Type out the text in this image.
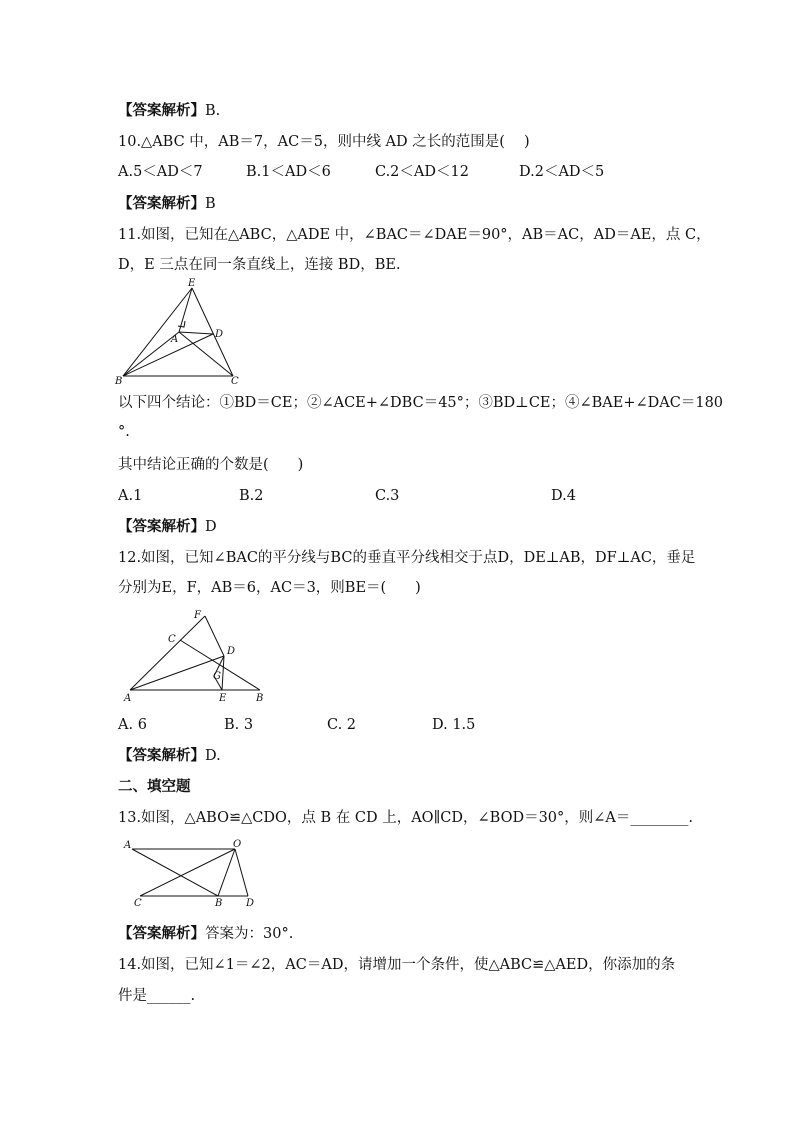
【答案解析】B.
10.△ABC 中，AB＝7，AC＝5，则中线 AD 之长的范围是(　 )
A.5＜AD＜7	B.1＜AD＜6	C.2＜AD＜12	D.2＜AD＜5
【答案解析】B
11.如图，已知在△ABC，△ADE 中，∠BAC＝∠DAE＝90°，AB＝AC，AD＝AE，点 C，
D，E 三点在同一条直线上，连接 BD，BE.
E
A	D
B	C
以下四个结论：①BD＝CE；②∠ACE+∠DBC＝45°；③BD⊥CE；④∠BAE+∠DAC＝180
°.
其中结论正确的个数是(　　)
A.1	B.2	C.3	D.4
【答案解析】D
12.如图，已知∠BAC的平分线与BC的垂直平分线相交于点D，DE⊥AB，DF⊥AC，垂足
分别为E，F，AB＝6，AC＝3，则BE＝(　　)
F
C
D
G
A	E	B
A. 6	B. 3	C. 2	D. 1.5
【答案解析】D.
二、填空题
13.如图，△ABO≌△CDO，点 B 在 CD 上，AO∥CD，∠BOD＝30°，则∠A＝________.
A	O
C	B D
【答案解析】答案为：30°.
14.如图，已知∠1＝∠2，AC＝AD，请增加一个条件，使△ABC≌△AED，你添加的条
件是______.
